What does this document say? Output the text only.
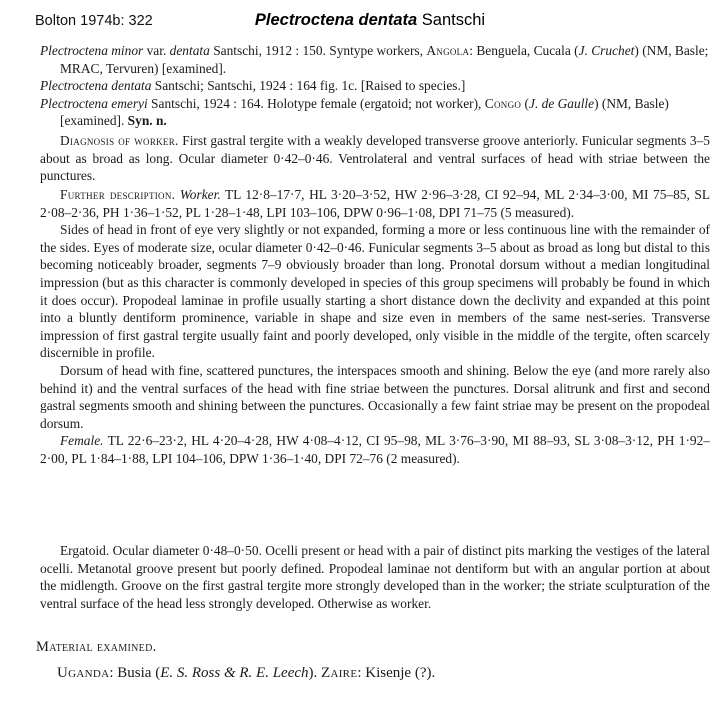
Bolton 1974b: 322	Plectroctena dentata Santschi

Plectroctena minor var. dentata Santschi, 1912 : 150. Syntype workers, Angola: Benguela, Cucala (J. Cruchet) (NM, Basle; MRAC, Tervuren) [examined].

Plectroctena dentata Santschi; Santschi, 1924 : 164 fig. 1c. [Raised to species.]

Plectroctena emeryi Santschi, 1924 : 164. Holotype female (ergatoid; not worker), Congo (J. de Gaulle) (NM, Basle) [examined]. Syn. n.

Diagnosis of worker. First gastral tergite with a weakly developed transverse groove anteriorly. Funicular segments 3–5 about as broad as long. Ocular diameter 0·42–0·46. Ventrolateral and ventral surfaces of head with striae between the punctures.

Further description. Worker. TL 12·8–17·7, HL 3·20–3·52, HW 2·96–3·28, CI 92–94, ML 2·34–3·00, MI 75–85, SL 2·08–2·36, PH 1·36–1·52, PL 1·28–1·48, LPI 103–106, DPW 0·96–1·08, DPI 71–75 (5 measured).

Sides of head in front of eye very slightly or not expanded, forming a more or less continuous line with the remainder of the sides. Eyes of moderate size, ocular diameter 0·42–0·46. Funicular segments 3–5 about as broad as long but distal to this becoming noticeably broader, segments 7–9 obviously broader than long. Pronotal dorsum without a median longitudinal impression (but as this character is commonly developed in species of this group specimens will probably be found in which it does occur). Propodeal laminae in profile usually starting a short distance down the declivity and expanded at this point into a bluntly dentiform prominence, variable in shape and size even in members of the same nest-series. Transverse impression of first gastral tergite usually faint and poorly developed, only visible in the middle of the tergite, often scarcely discernible in profile.

Dorsum of head with fine, scattered punctures, the interspaces smooth and shining. Below the eye (and more rarely also behind it) and the ventral surfaces of the head with fine striae between the punctures. Dorsal alitrunk and first and second gastral segments smooth and shining between the punctures. Occasionally a few faint striae may be present on the propodeal dorsum.

Female. TL 22·6–23·2, HL 4·20–4·28, HW 4·08–4·12, CI 95–98, ML 3·76–3·90, MI 88–93, SL 3·08–3·12, PH 1·92–2·00, PL 1·84–1·88, LPI 104–106, DPW 1·36–1·40, DPI 72–76 (2 measured).

Ergatoid. Ocular diameter 0·48–0·50. Ocelli present or head with a pair of distinct pits marking the vestiges of the lateral ocelli. Metanotal groove present but poorly defined. Propodeal laminae not dentiform but with an angular portion at about the midlength. Groove on the first gastral tergite more strongly developed than in the worker; the striate sculpturation of the ventral surface of the head less strongly developed. Otherwise as worker.

Material examined.
Uganda: Busia (E. S. Ross & R. E. Leech). Zaire: Kisenje (?).
